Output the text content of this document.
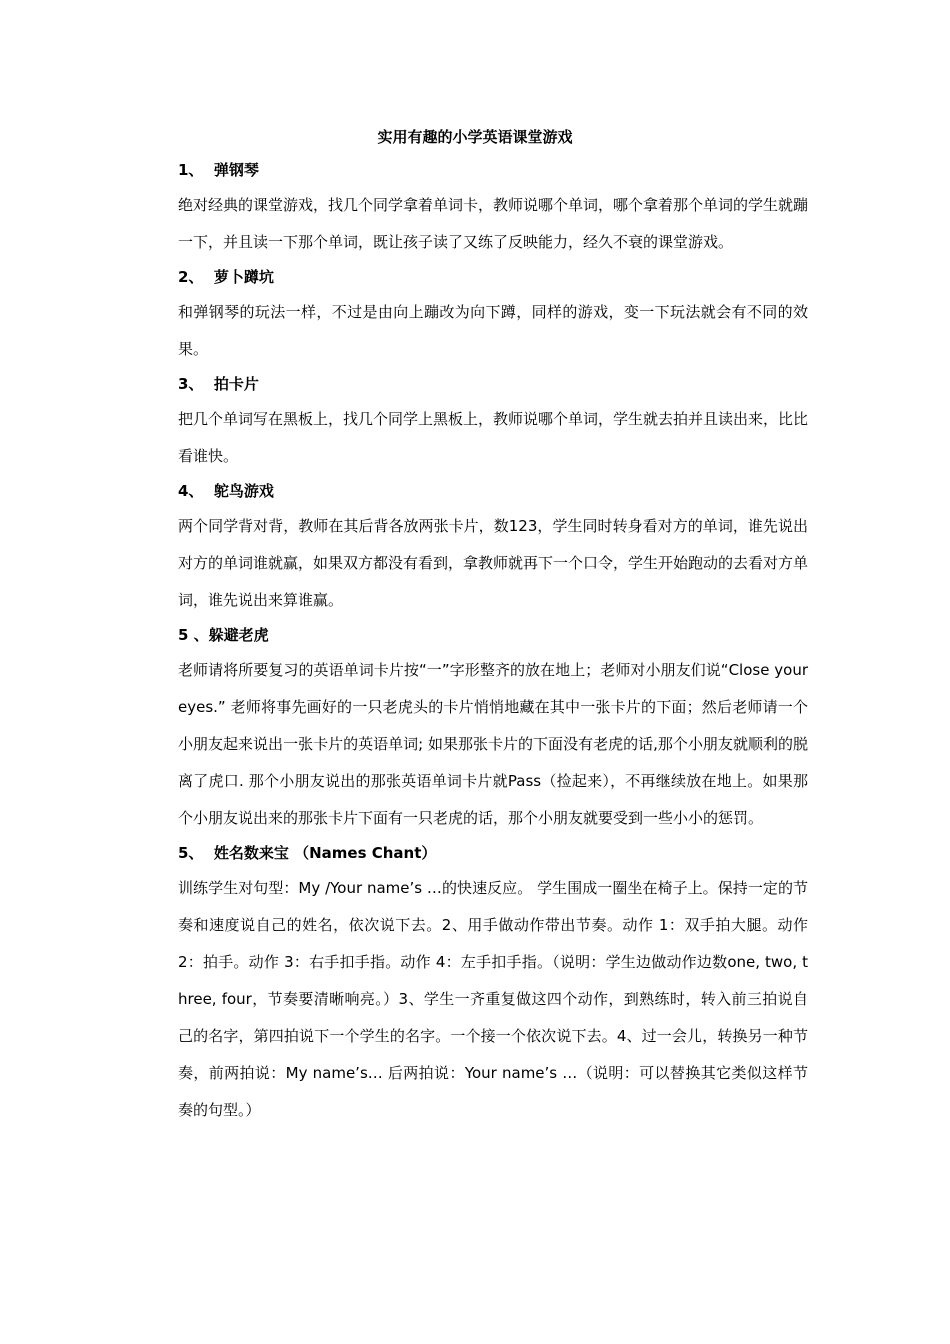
实用有趣的小学英语课堂游戏
1、  弹钢琴

绝对经典的课堂游戏，找几个同学拿着单词卡，教师说哪个单词，哪个拿着那个单词的学生就蹦一下，并且读一下那个单词，既让孩子读了又练了反映能力，经久不衰的课堂游戏。

2、  萝卜蹲坑

和弹钢琴的玩法一样，不过是由向上蹦改为向下蹲，同样的游戏，变一下玩法就会有不同的效果。

3、  拍卡片

把几个单词写在黑板上，找几个同学上黑板上，教师说哪个单词，学生就去拍并且读出来，比比看谁快。

4、  鸵鸟游戏

两个同学背对背，教师在其后背各放两张卡片，数123，学生同时转身看对方的单词，谁先说出对方的单词谁就赢，如果双方都没有看到，拿教师就再下一个口令，学生开始跑动的去看对方单词，谁先说出来算谁赢。

5 、躲避老虎

老师请将所要复习的英语单词卡片按“一”字形整齐的放在地上；老师对小朋友们说“Close your eyes.” 老师将事先画好的一只老虎头的卡片悄悄地藏在其中一张卡片的下面；然后老师请一个小朋友起来说出一张卡片的英语单词; 如果那张卡片的下面没有老虎的话,那个小朋友就顺利的脱离了虎口. 那个小朋友说出的那张英语单词卡片就Pass（捡起来），不再继续放在地上。如果那个小朋友说出来的那张卡片下面有一只老虎的话，那个小朋友就要受到一些小小的惩罚。

5、  姓名数来宝 （Names Chant）

训练学生对句型：My /Your name’s …的快速反应。 学生围成一圈坐在椅子上。保持一定的节奏和速度说自己的姓名，依次说下去。2、用手做动作带出节奏。动作 1：双手拍大腿。动作 2：拍手。动作 3：右手扣手指。动作 4：左手扣手指。（说明：学生边做动作边数one, two, three, four，节奏要清晰响亮。）3、学生一齐重复做这四个动作，到熟练时，转入前三拍说自己的名字，第四拍说下一个学生的名字。一个接一个依次说下去。4、过一会儿，转换另一种节奏，前两拍说：My name’s… 后两拍说：Your name’s …（说明：可以替换其它类似这样节奏的句型。）
